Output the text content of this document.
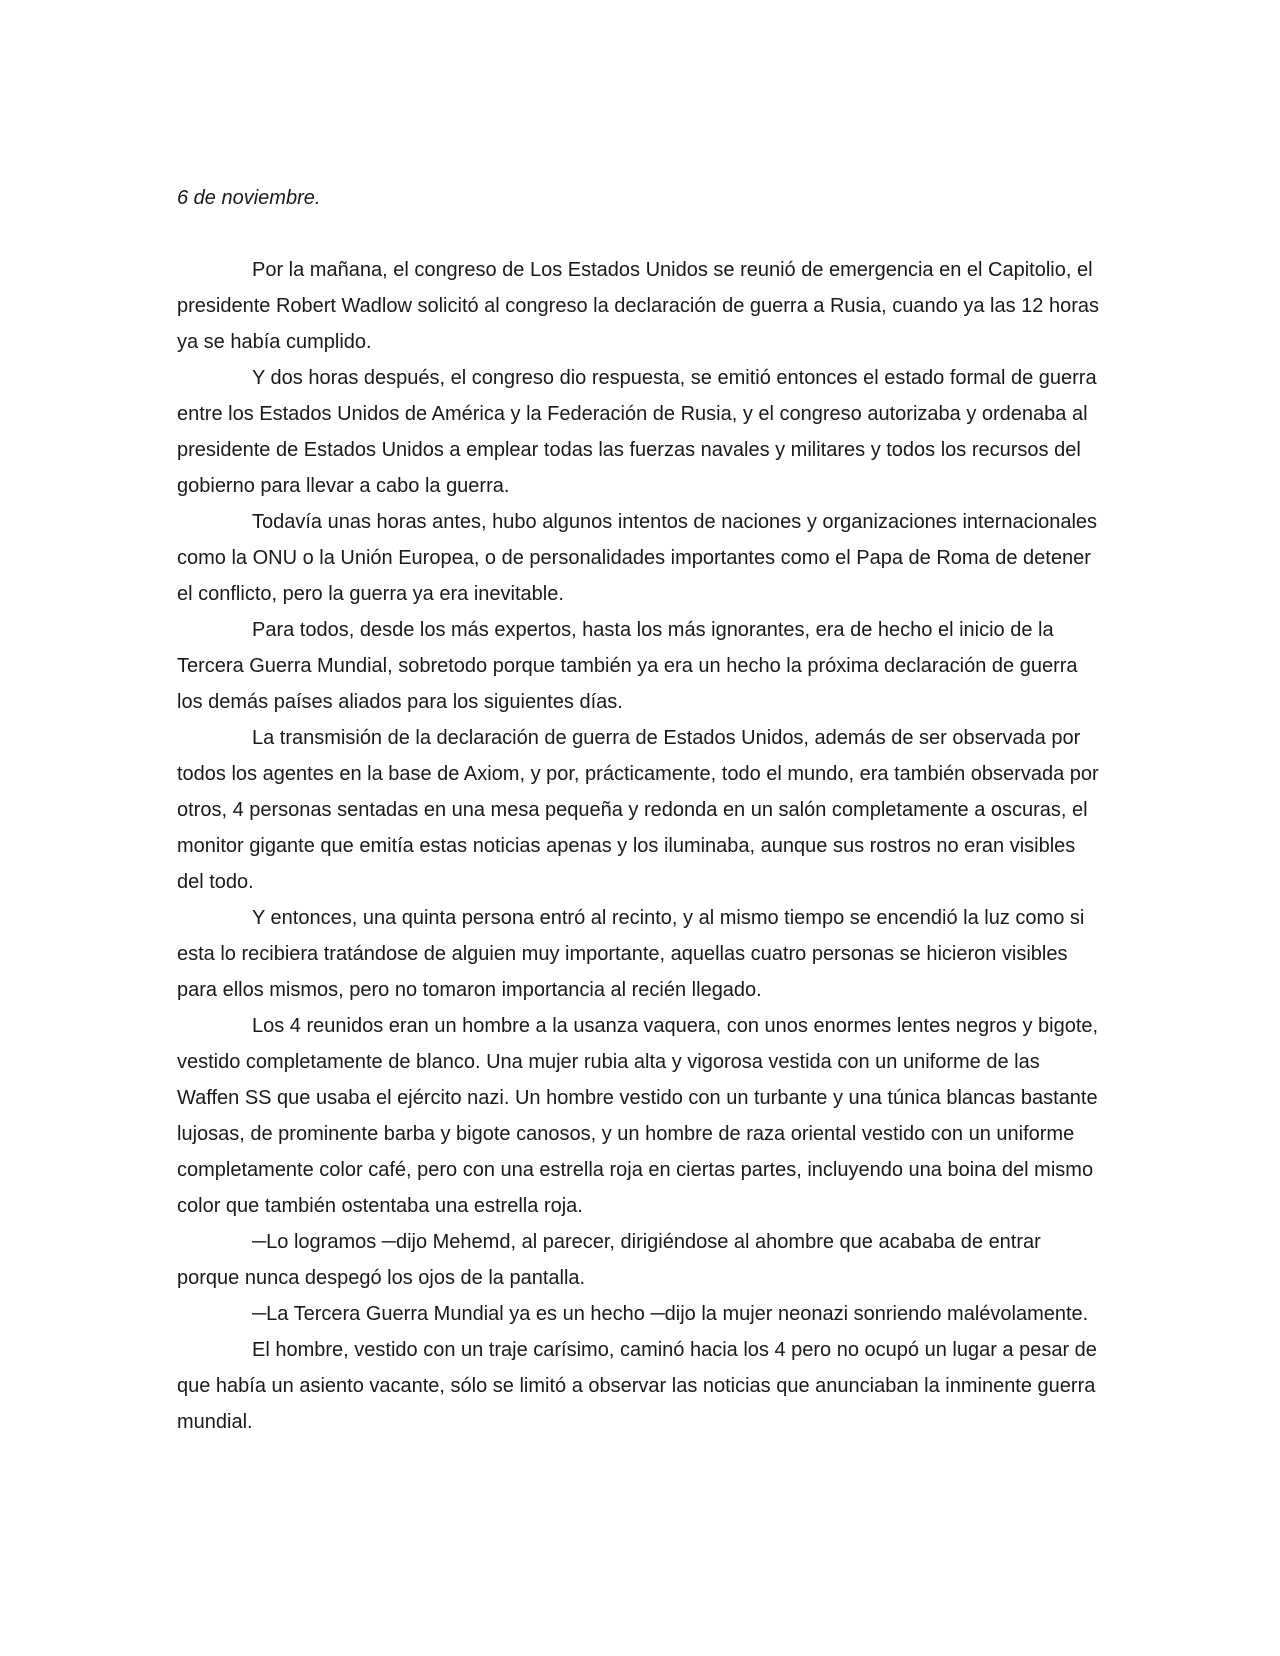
6 de noviembre.

Por la mañana, el congreso de Los Estados Unidos se reunió de emergencia en el Capitolio, el presidente Robert Wadlow solicitó al congreso la declaración de guerra a Rusia, cuando ya las 12 horas ya se había cumplido.

Y dos horas después, el congreso dio respuesta, se emitió entonces el estado formal de guerra entre los Estados Unidos de América y la Federación de Rusia, y el congreso autorizaba y ordenaba al presidente de Estados Unidos a emplear todas las fuerzas navales y militares y todos los recursos del gobierno para llevar a cabo la guerra.

Todavía unas horas antes, hubo algunos intentos de naciones y organizaciones internacionales como la ONU o la Unión Europea, o de personalidades importantes como el Papa de Roma de detener el conflicto, pero la guerra ya era inevitable.

Para todos, desde los más expertos, hasta los más ignorantes, era de hecho el inicio de la Tercera Guerra Mundial, sobretodo porque también ya era un hecho la próxima declaración de guerra los demás países aliados para los siguientes días.

La transmisión de la declaración de guerra de Estados Unidos, además de ser observada por todos los agentes en la base de Axiom, y por, prácticamente, todo el mundo, era también observada por otros, 4 personas sentadas en una mesa pequeña y redonda en un salón completamente a oscuras, el monitor gigante que emitía estas noticias apenas y los iluminaba, aunque sus rostros no eran visibles del todo.

Y entonces, una quinta persona entró al recinto, y al mismo tiempo se encendió la luz como si esta lo recibiera tratándose de alguien muy importante, aquellas cuatro personas se hicieron visibles para ellos mismos, pero no tomaron importancia al recién llegado.

Los 4 reunidos eran un hombre a la usanza vaquera, con unos enormes lentes negros y bigote, vestido completamente de blanco. Una mujer rubia alta y vigorosa vestida con un uniforme de las Waffen SS que usaba el ejército nazi. Un hombre vestido con un turbante y una túnica blancas bastante lujosas, de prominente barba y bigote canosos, y un hombre de raza oriental vestido con un uniforme completamente color café, pero con una estrella roja en ciertas partes, incluyendo una boina del mismo color que también ostentaba una estrella roja.

─Lo logramos ─dijo Mehemd, al parecer, dirigiéndose al ahombre que acababa de entrar porque nunca despegó los ojos de la pantalla.

─La Tercera Guerra Mundial ya es un hecho ─dijo la mujer neonazi sonriendo malévolamente.

El hombre, vestido con un traje carísimo, caminó hacia los 4 pero no ocupó un lugar a pesar de que había un asiento vacante, sólo se limitó a observar las noticias que anunciaban la inminente guerra mundial.
